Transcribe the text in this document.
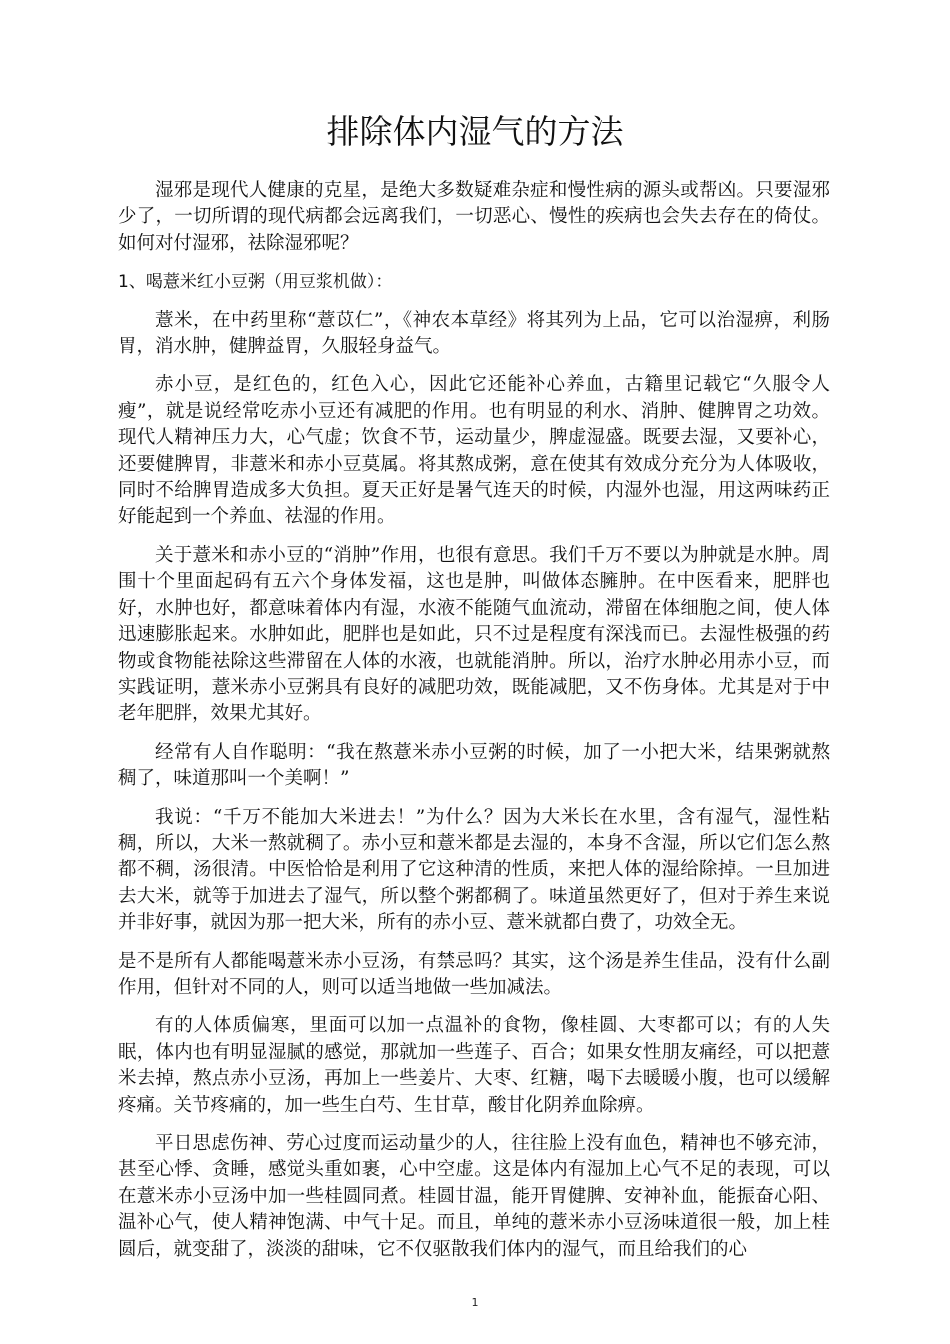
排除体内湿气的方法

湿邪是现代人健康的克星，是绝大多数疑难杂症和慢性病的源头或帮凶。只要湿邪少了，一切所谓的现代病都会远离我们，一切恶心、慢性的疾病也会失去存在的倚仗。如何对付湿邪，祛除湿邪呢？

1、喝薏米红小豆粥（用豆浆机做）：

薏米，在中药里称“薏苡仁”，《神农本草经》将其列为上品，它可以治湿痹，利肠胃，消水肿，健脾益胃，久服轻身益气。

赤小豆，是红色的，红色入心，因此它还能补心养血，古籍里记载它“久服令人瘦”，就是说经常吃赤小豆还有减肥的作用。也有明显的利水、消肿、健脾胃之功效。现代人精神压力大，心气虚；饮食不节，运动量少，脾虚湿盛。既要去湿，又要补心，还要健脾胃，非薏米和赤小豆莫属。将其熬成粥，意在使其有效成分充分为人体吸收，同时不给脾胃造成多大负担。夏天正好是暑气连天的时候，内湿外也湿，用这两味药正好能起到一个养血、祛湿的作用。

关于薏米和赤小豆的“消肿”作用，也很有意思。我们千万不要以为肿就是水肿。周围十个里面起码有五六个身体发福，这也是肿，叫做体态臃肿。在中医看来，肥胖也好，水肿也好，都意味着体内有湿，水液不能随气血流动，滞留在体细胞之间，使人体迅速膨胀起来。水肿如此，肥胖也是如此，只不过是程度有深浅而已。去湿性极强的药物或食物能祛除这些滞留在人体的水液，也就能消肿。所以，治疗水肿必用赤小豆，而实践证明，薏米赤小豆粥具有良好的减肥功效，既能减肥，又不伤身体。尤其是对于中老年肥胖，效果尤其好。

经常有人自作聪明：“我在熬薏米赤小豆粥的时候，加了一小把大米，结果粥就熬稠了，味道那叫一个美啊！”

我说：“千万不能加大米进去！”为什么？因为大米长在水里，含有湿气，湿性粘稠，所以，大米一熬就稠了。赤小豆和薏米都是去湿的，本身不含湿，所以它们怎么熬都不稠，汤很清。中医恰恰是利用了它这种清的性质，来把人体的湿给除掉。一旦加进去大米，就等于加进去了湿气，所以整个粥都稠了。味道虽然更好了，但对于养生来说并非好事，就因为那一把大米，所有的赤小豆、薏米就都白费了，功效全无。

是不是所有人都能喝薏米赤小豆汤，有禁忌吗？其实，这个汤是养生佳品，没有什么副作用，但针对不同的人，则可以适当地做一些加减法。

有的人体质偏寒，里面可以加一点温补的食物，像桂圆、大枣都可以；有的人失眠，体内也有明显湿腻的感觉，那就加一些莲子、百合；如果女性朋友痛经，可以把薏米去掉，熬点赤小豆汤，再加上一些姜片、大枣、红糖，喝下去暖暖小腹，也可以缓解疼痛。关节疼痛的，加一些生白芍、生甘草，酸甘化阴养血除痹。

平日思虑伤神、劳心过度而运动量少的人，往往脸上没有血色，精神也不够充沛，甚至心悸、贪睡，感觉头重如裹，心中空虚。这是体内有湿加上心气不足的表现，可以在薏米赤小豆汤中加一些桂圆同煮。桂圆甘温，能开胃健脾、安神补血，能振奋心阳、温补心气，使人精神饱满、中气十足。而且，单纯的薏米赤小豆汤味道很一般，加上桂圆后，就变甜了，淡淡的甜味，它不仅驱散我们体内的湿气，而且给我们的心

1
